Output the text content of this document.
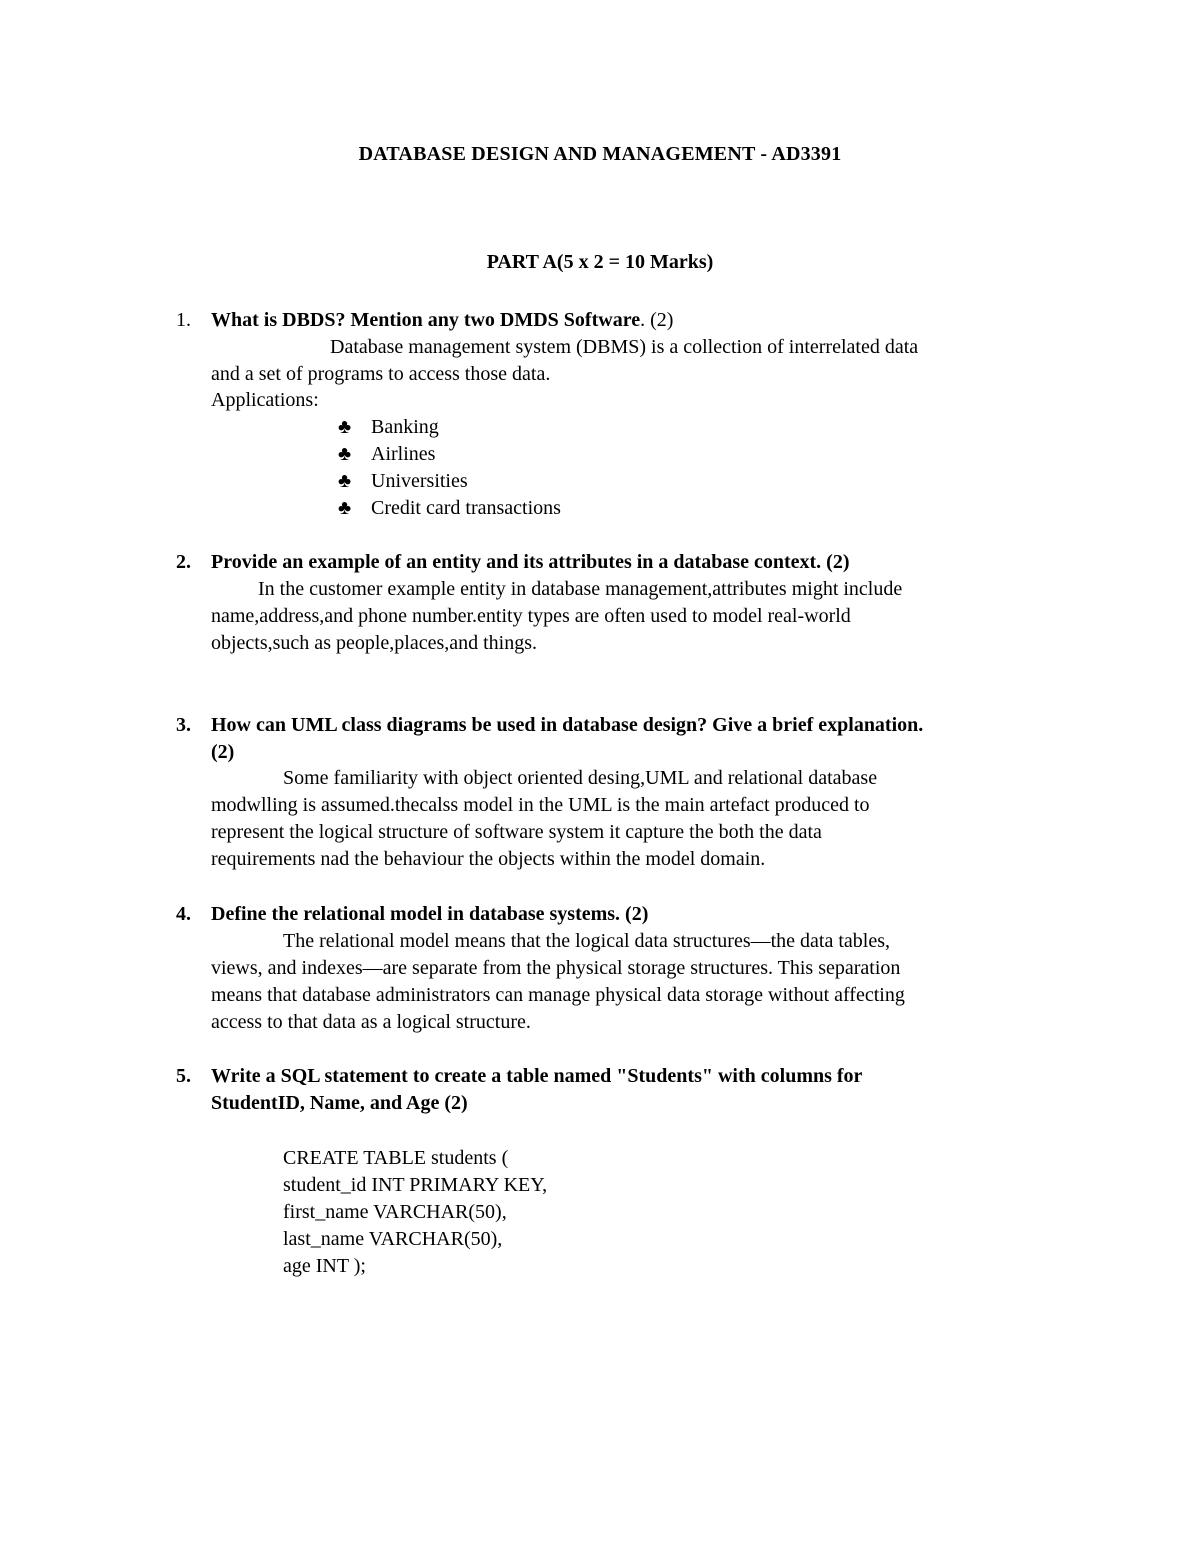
DATABASE DESIGN AND MANAGEMENT - AD3391
PART A(5 x 2 = 10 Marks)
1.	What is DBDS? Mention any two DMDS Software. (2)
Database management system (DBMS) is a collection of interrelated data
and a set of programs to access those data.
Applications:
♣ Banking
♣ Airlines
♣ Universities
♣ Credit card transactions
2.	Provide an example of an entity and its attributes in a database context. (2)
In the customer example entity in database management,attributes might include
name,address,and phone number.entity types are often used to model real-world
objects,such as people,places,and things.
3.	How can UML class diagrams be used in database design? Give a brief explanation.
(2)
Some familiarity with object oriented desing,UML and relational database
modwlling is assumed.thecalss model in the UML is the main artefact produced to
represent the logical structure of software system it capture the both the data
requirements nad the behaviour the objects within the model domain.
4.	Define the relational model in database systems. (2)
The relational model means that the logical data structures—the data tables,
views, and indexes—are separate from the physical storage structures. This separation
means that database administrators can manage physical data storage without affecting
access to that data as a logical structure.
5.	Write a SQL statement to create a table named "Students" with columns for
StudentID, Name, and Age (2)
CREATE TABLE students (
student_id INT PRIMARY KEY,
first_name VARCHAR(50),
last_name VARCHAR(50),
age INT );
